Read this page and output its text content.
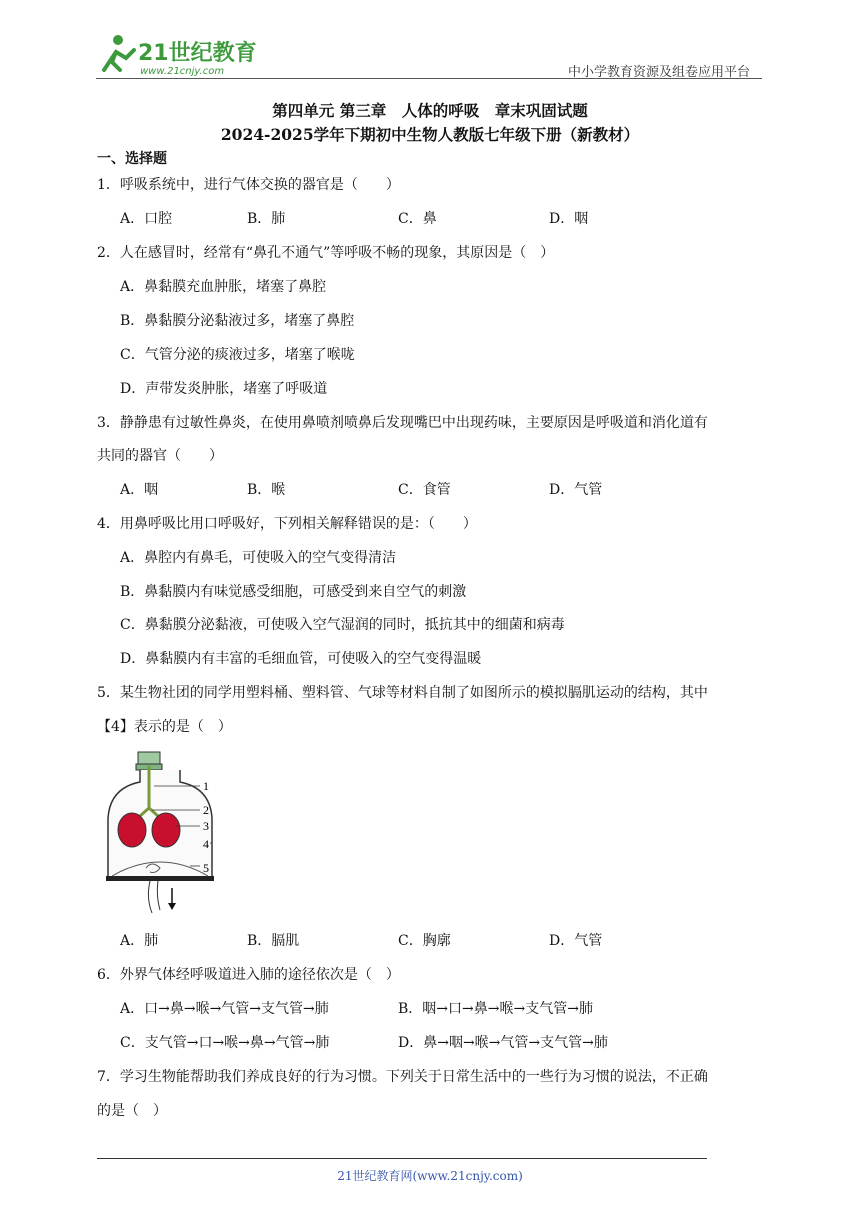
21世纪教育
www.21cnjy.com	中小学教育资源及组卷应用平台
第四单元 第三章　人体的呼吸　章末巩固试题
2024-2025学年下期初中生物人教版七年级下册（新教材）
一、选择题
1．呼吸系统中，进行气体交换的器官是（　　）
A．口腔	B．肺	C．鼻	D．咽
2．人在感冒时，经常有“鼻孔不通气”等呼吸不畅的现象，其原因是（　）
A．鼻黏膜充血肿胀，堵塞了鼻腔
B．鼻黏膜分泌黏液过多，堵塞了鼻腔
C．气管分泌的痰液过多，堵塞了喉咙
D．声带发炎肿胀，堵塞了呼吸道
3．静静患有过敏性鼻炎，在使用鼻喷剂喷鼻后发现嘴巴中出现药味，主要原因是呼吸道和消化道有
共同的器官（　　）
A．咽	B．喉	C．食管	D．气管
4．用鼻呼吸比用口呼吸好，下列相关解释错误的是：（　　）
A．鼻腔内有鼻毛，可使吸入的空气变得清洁
B．鼻黏膜内有味觉感受细胞，可感受到来自空气的刺激
C．鼻黏膜分泌黏液，可使吸入空气湿润的同时，抵抗其中的细菌和病毒
D．鼻黏膜内有丰富的毛细血管，可使吸入的空气变得温暖
5．某生物社团的同学用塑料桶、塑料管、气球等材料自制了如图所示的模拟膈肌运动的结构，其中
【4】表示的是（　）
1
2
3
4
5
A．肺	B．膈肌	C．胸廓	D．气管
6．外界气体经呼吸道进入肺的途径依次是（　）
A．口→鼻→喉→气管→支气管→肺	B．咽→口→鼻→喉→支气管→肺
C．支气管→口→喉→鼻→气管→肺	D．鼻→咽→喉→气管→支气管→肺
7．学习生物能帮助我们养成良好的行为习惯。下列关于日常生活中的一些行为习惯的说法，不正确
的是（　）
21世纪教育网(www.21cnjy.com)
